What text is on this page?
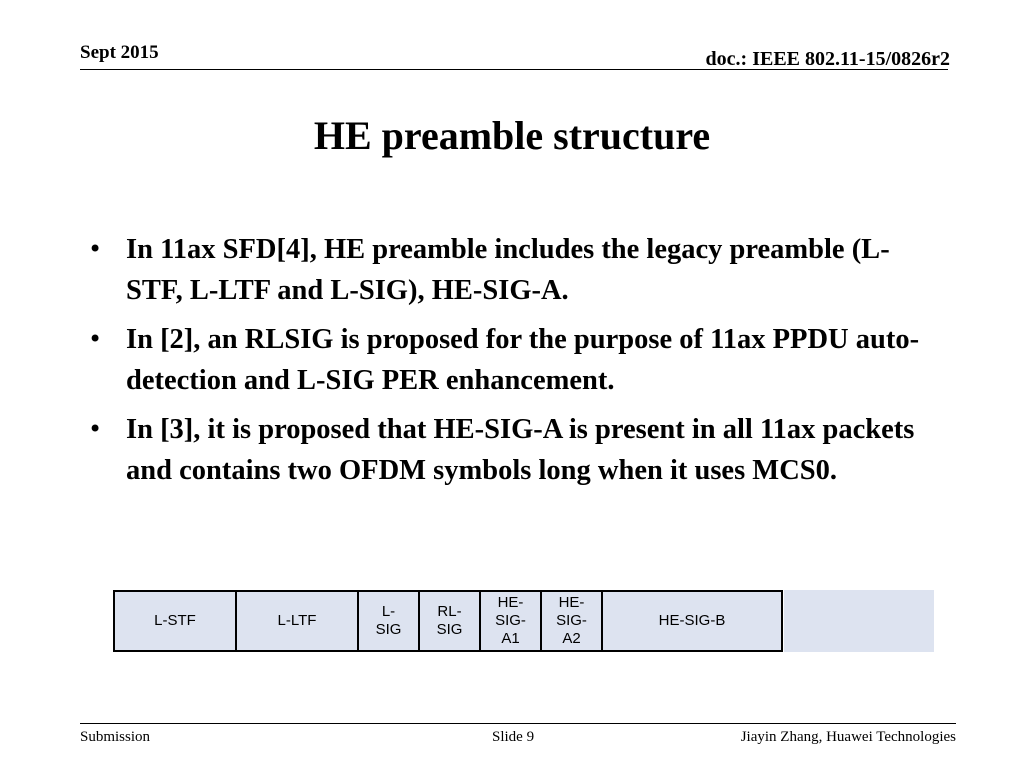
Sept 2015	doc.: IEEE 802.11-15/0826r2
HE preamble structure
• In 11ax SFD[4], HE preamble includes the legacy preamble (L-STF, L-LTF and L-SIG), HE-SIG-A.
• In [2], an RLSIG is proposed for the purpose of 11ax PPDU auto-detection and L-SIG PER enhancement.
• In [3], it is proposed that HE-SIG-A is present in all 11ax packets and contains two OFDM symbols long when it uses MCS0.
L-STF	L-LTF
L-SIG
RL-SIG
HE-SIG-A1
HE-SIG-A2
HE-SIG-B
Submission	Slide 9	Jiayin Zhang, Huawei Technologies
